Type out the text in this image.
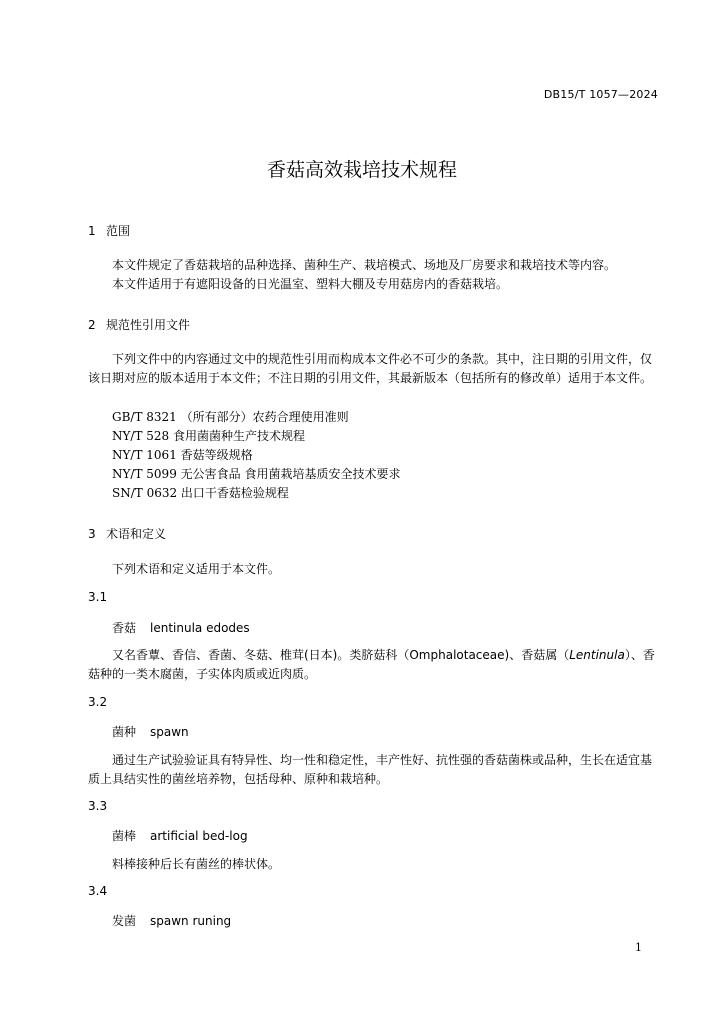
DB15/T 1057—2024
香菇高效栽培技术规程
1 范围
本文件规定了香菇栽培的品种选择、菌种生产、栽培模式、场地及厂房要求和栽培技术等内容。
本文件适用于有遮阳设备的日光温室、塑料大棚及专用菇房内的香菇栽培。
2 规范性引用文件
下列文件中的内容通过文中的规范性引用而构成本文件必不可少的条款。其中，注日期的引用文件，仅该日期对应的版本适用于本文件；不注日期的引用文件，其最新版本（包括所有的修改单）适用于本文件。
GB/T 8321 （所有部分）农药合理使用准则
NY/T 528 食用菌菌种生产技术规程
NY/T 1061 香菇等级规格
NY/T 5099 无公害食品 食用菌栽培基质安全技术要求
SN/T 0632 出口干香菇检验规程
3 术语和定义
下列术语和定义适用于本文件。
3.1
香菇 lentinula edodes
又名香蕈、香信、香菌、冬菇、椎茸(日本)。类脐菇科（Omphalotaceae)、香菇属（Lentinula）、香菇种的一类木腐菌，子实体肉质或近肉质。
3.2
菌种 spawn
通过生产试验验证具有特异性、均一性和稳定性，丰产性好、抗性强的香菇菌株或品种，生长在适宜基质上具结实性的菌丝培养物，包括母种、原种和栽培种。
3.3
菌棒 artificial bed-log
料棒接种后长有菌丝的棒状体。
3.4
发菌 spawn runing
1
